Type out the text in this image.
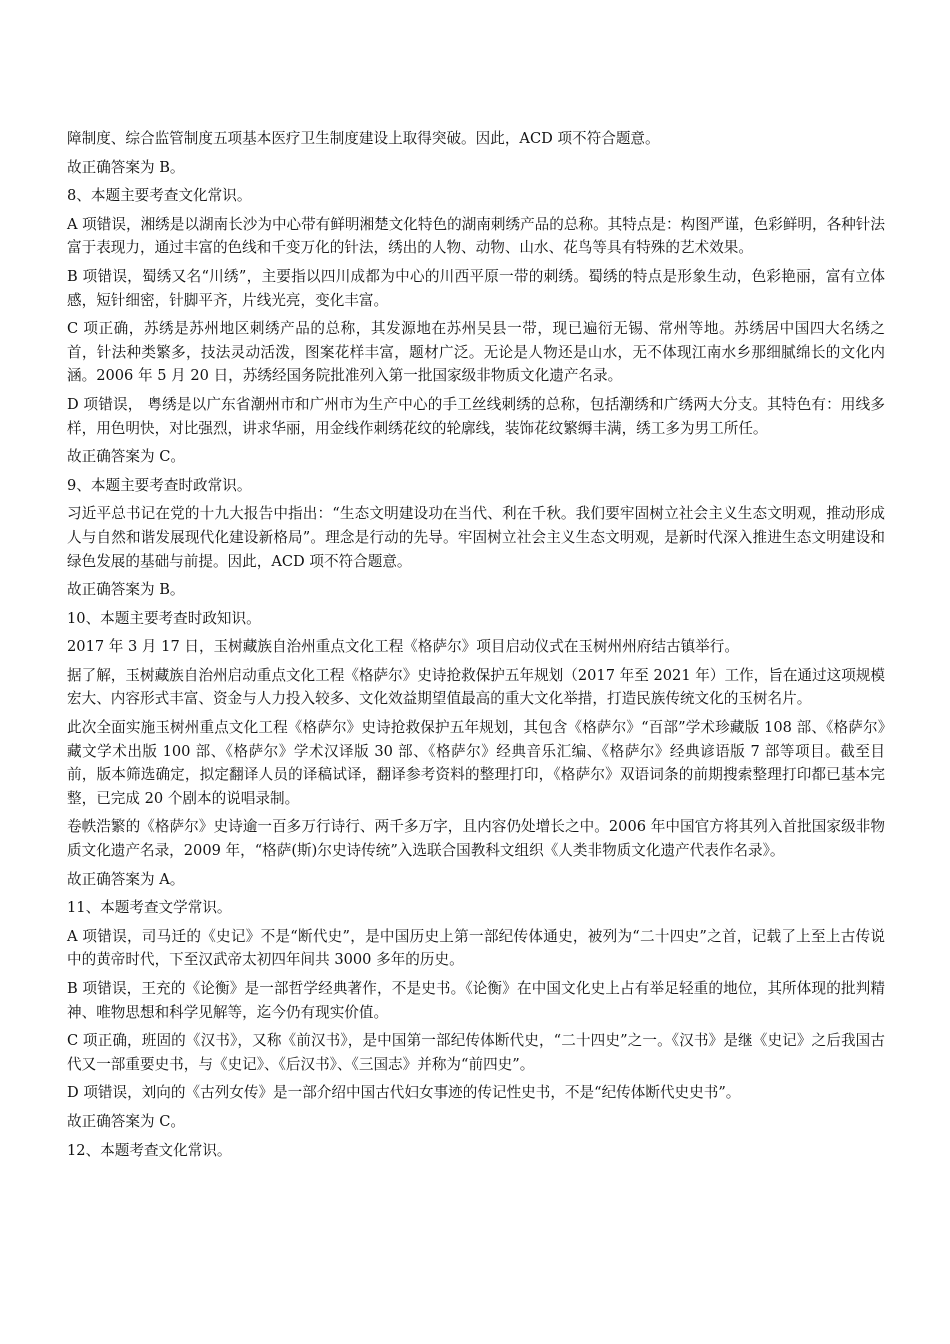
障制度、综合监管制度五项基本医疗卫生制度建设上取得突破。因此，ACD 项不符合题意。

故正确答案为 B。

8、本题主要考查文化常识。

A 项错误，湘绣是以湖南长沙为中心带有鲜明湘楚文化特色的湖南刺绣产品的总称。其特点是：构图严谨，色彩鲜明，各种针法富于表现力，通过丰富的色线和千变万化的针法，绣出的人物、动物、山水、花鸟等具有特殊的艺术效果。

B 项错误，蜀绣又名“川绣”，主要指以四川成都为中心的川西平原一带的刺绣。蜀绣的特点是形象生动，色彩艳丽，富有立体感，短针细密，针脚平齐，片线光亮，变化丰富。

C 项正确，苏绣是苏州地区刺绣产品的总称，其发源地在苏州吴县一带，现已遍衍无锡、常州等地。苏绣居中国四大名绣之首，针法种类繁多，技法灵动活泼，图案花样丰富，题材广泛。无论是人物还是山水，无不体现江南水乡那细腻绵长的文化内涵。2006 年 5 月 20 日，苏绣经国务院批准列入第一批国家级非物质文化遗产名录。

D 项错误， 粤绣是以广东省潮州市和广州市为生产中心的手工丝线刺绣的总称，包括潮绣和广绣两大分支。其特色有：用线多样，用色明快，对比强烈，讲求华丽，用金线作刺绣花纹的轮廓线，装饰花纹繁缛丰满，绣工多为男工所任。

故正确答案为 C。

9、本题主要考查时政常识。

习近平总书记在党的十九大报告中指出：“生态文明建设功在当代、利在千秋。我们要牢固树立社会主义生态文明观，推动形成人与自然和谐发展现代化建设新格局”。理念是行动的先导。牢固树立社会主义生态文明观，是新时代深入推进生态文明建设和绿色发展的基础与前提。因此，ACD 项不符合题意。

故正确答案为 B。

10、本题主要考查时政知识。

2017 年 3 月 17 日，玉树藏族自治州重点文化工程《格萨尔》项目启动仪式在玉树州州府结古镇举行。

据了解，玉树藏族自治州启动重点文化工程《格萨尔》史诗抢救保护五年规划（2017 年至 2021 年）工作，旨在通过这项规模宏大、内容形式丰富、资金与人力投入较多、文化效益期望值最高的重大文化举措，打造民族传统文化的玉树名片。

此次全面实施玉树州重点文化工程《格萨尔》史诗抢救保护五年规划，其包含《格萨尔》“百部”学术珍藏版 108 部、《格萨尔》藏文学术出版 100 部、《格萨尔》学术汉译版 30 部、《格萨尔》经典音乐汇编、《格萨尔》经典谚语版 7 部等项目。截至目前，版本筛选确定，拟定翻译人员的译稿试译，翻译参考资料的整理打印，《格萨尔》双语词条的前期搜索整理打印都已基本完整，已完成 20 个剧本的说唱录制。

卷帙浩繁的《格萨尔》史诗逾一百多万行诗行、两千多万字，且内容仍处增长之中。2006 年中国官方将其列入首批国家级非物质文化遗产名录，2009 年，“格萨(斯)尔史诗传统”入选联合国教科文组织《人类非物质文化遗产代表作名录》。

故正确答案为 A。

11、本题考查文学常识。

A 项错误，司马迁的《史记》不是“断代史”，是中国历史上第一部纪传体通史，被列为“二十四史”之首，记载了上至上古传说中的黄帝时代，下至汉武帝太初四年间共 3000 多年的历史。

B 项错误，王充的《论衡》是一部哲学经典著作，不是史书。《论衡》在中国文化史上占有举足轻重的地位，其所体现的批判精神、唯物思想和科学见解等，迄今仍有现实价值。

C 项正确，班固的《汉书》，又称《前汉书》，是中国第一部纪传体断代史，“二十四史”之一。《汉书》是继《史记》之后我国古代又一部重要史书，与《史记》、《后汉书》、《三国志》并称为“前四史”。

D 项错误，刘向的《古列女传》是一部介绍中国古代妇女事迹的传记性史书，不是“纪传体断代史史书”。

故正确答案为 C。

12、本题考查文化常识。
